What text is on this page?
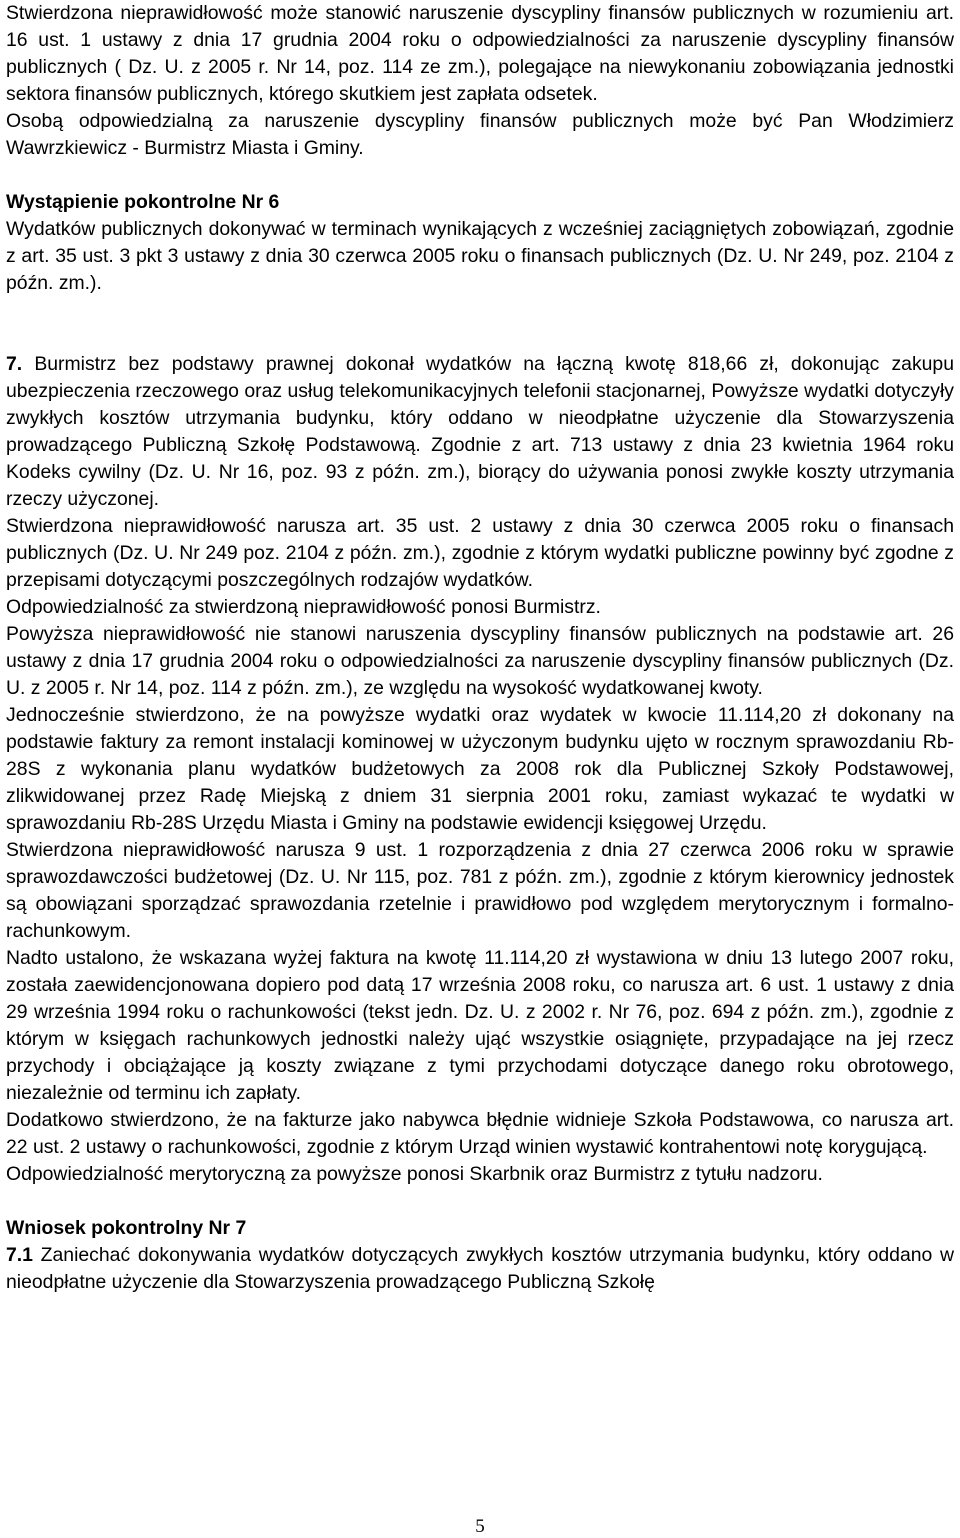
Stwierdzona nieprawidłowość może stanowić naruszenie dyscypliny finansów publicznych w rozumieniu art. 16 ust. 1 ustawy z dnia 17 grudnia 2004 roku o odpowiedzialności za naruszenie dyscypliny finansów publicznych ( Dz. U. z 2005 r. Nr 14, poz. 114 ze zm.), polegające na niewykonaniu zobowiązania jednostki sektora finansów publicznych, którego skutkiem jest zapłata odsetek.

Osobą odpowiedzialną za naruszenie dyscypliny finansów publicznych może być Pan Włodzimierz Wawrzkiewicz - Burmistrz Miasta i Gminy.

Wystąpienie pokontrolne Nr 6

Wydatków publicznych dokonywać w terminach wynikających z wcześniej zaciągniętych zobowiązań, zgodnie z art. 35 ust. 3 pkt 3 ustawy z dnia 30 czerwca 2005 roku o finansach publicznych (Dz. U. Nr 249, poz. 2104 z późn. zm.).

7. Burmistrz bez podstawy prawnej dokonał wydatków na łączną kwotę 818,66 zł, dokonując zakupu ubezpieczenia rzeczowego oraz usług telekomunikacyjnych telefonii stacjonarnej, Powyższe wydatki dotyczyły zwykłych kosztów utrzymania budynku, który oddano w nieodpłatne użyczenie dla Stowarzyszenia prowadzącego Publiczną Szkołę Podstawową. Zgodnie z art. 713 ustawy z dnia 23 kwietnia 1964 roku Kodeks cywilny (Dz. U. Nr 16, poz. 93 z późn. zm.), biorący do używania ponosi zwykłe koszty utrzymania rzeczy użyczonej.

Stwierdzona nieprawidłowość narusza art. 35 ust. 2 ustawy z dnia 30 czerwca 2005 roku o finansach publicznych (Dz. U. Nr 249 poz. 2104 z późn. zm.), zgodnie z którym wydatki publiczne powinny być zgodne z przepisami dotyczącymi poszczególnych rodzajów wydatków.

Odpowiedzialność za stwierdzoną nieprawidłowość ponosi Burmistrz.

Powyższa nieprawidłowość nie stanowi naruszenia dyscypliny finansów publicznych na podstawie art. 26 ustawy z dnia 17 grudnia 2004 roku o odpowiedzialności za naruszenie dyscypliny finansów publicznych (Dz. U. z 2005 r. Nr 14, poz. 114 z późn. zm.), ze względu na wysokość wydatkowanej kwoty.

Jednocześnie stwierdzono, że na powyższe wydatki oraz wydatek w kwocie 11.114,20 zł dokonany na podstawie faktury za remont instalacji kominowej w użyczonym budynku ujęto w rocznym sprawozdaniu Rb-28S z wykonania planu wydatków budżetowych za 2008 rok dla Publicznej Szkoły Podstawowej, zlikwidowanej przez Radę Miejską z dniem 31 sierpnia 2001 roku, zamiast wykazać te wydatki w sprawozdaniu Rb-28S Urzędu Miasta i Gminy na podstawie ewidencji księgowej Urzędu.

Stwierdzona nieprawidłowość narusza 9 ust. 1 rozporządzenia z dnia 27 czerwca 2006 roku w sprawie sprawozdawczości budżetowej (Dz. U. Nr 115, poz. 781 z późn. zm.), zgodnie z którym kierownicy jednostek są obowiązani sporządzać sprawozdania rzetelnie i prawidłowo pod względem merytorycznym i formalno-rachunkowym.

Nadto ustalono, że wskazana wyżej faktura na kwotę 11.114,20 zł wystawiona w dniu 13 lutego 2007 roku, została zaewidencjonowana dopiero pod datą 17 września 2008 roku, co narusza art. 6 ust. 1 ustawy z dnia 29 września 1994 roku o rachunkowości (tekst jedn. Dz. U. z 2002 r. Nr 76, poz. 694 z późn. zm.), zgodnie z którym w księgach rachunkowych jednostki należy ująć wszystkie osiągnięte, przypadające na jej rzecz przychody i obciążające ją koszty związane z tymi przychodami dotyczące danego roku obrotowego, niezależnie od terminu ich zapłaty.

Dodatkowo stwierdzono, że na fakturze jako nabywca błędnie widnieje Szkoła Podstawowa, co narusza art. 22 ust. 2 ustawy o rachunkowości, zgodnie z którym Urząd winien wystawić kontrahentowi notę korygującą.

Odpowiedzialność merytoryczną za powyższe ponosi Skarbnik oraz Burmistrz z tytułu nadzoru.

Wniosek pokontrolny Nr 7

7.1 Zaniechać dokonywania wydatków dotyczących zwykłych kosztów utrzymania budynku, który oddano w nieodpłatne użyczenie dla Stowarzyszenia prowadzącego Publiczną Szkołę

5
